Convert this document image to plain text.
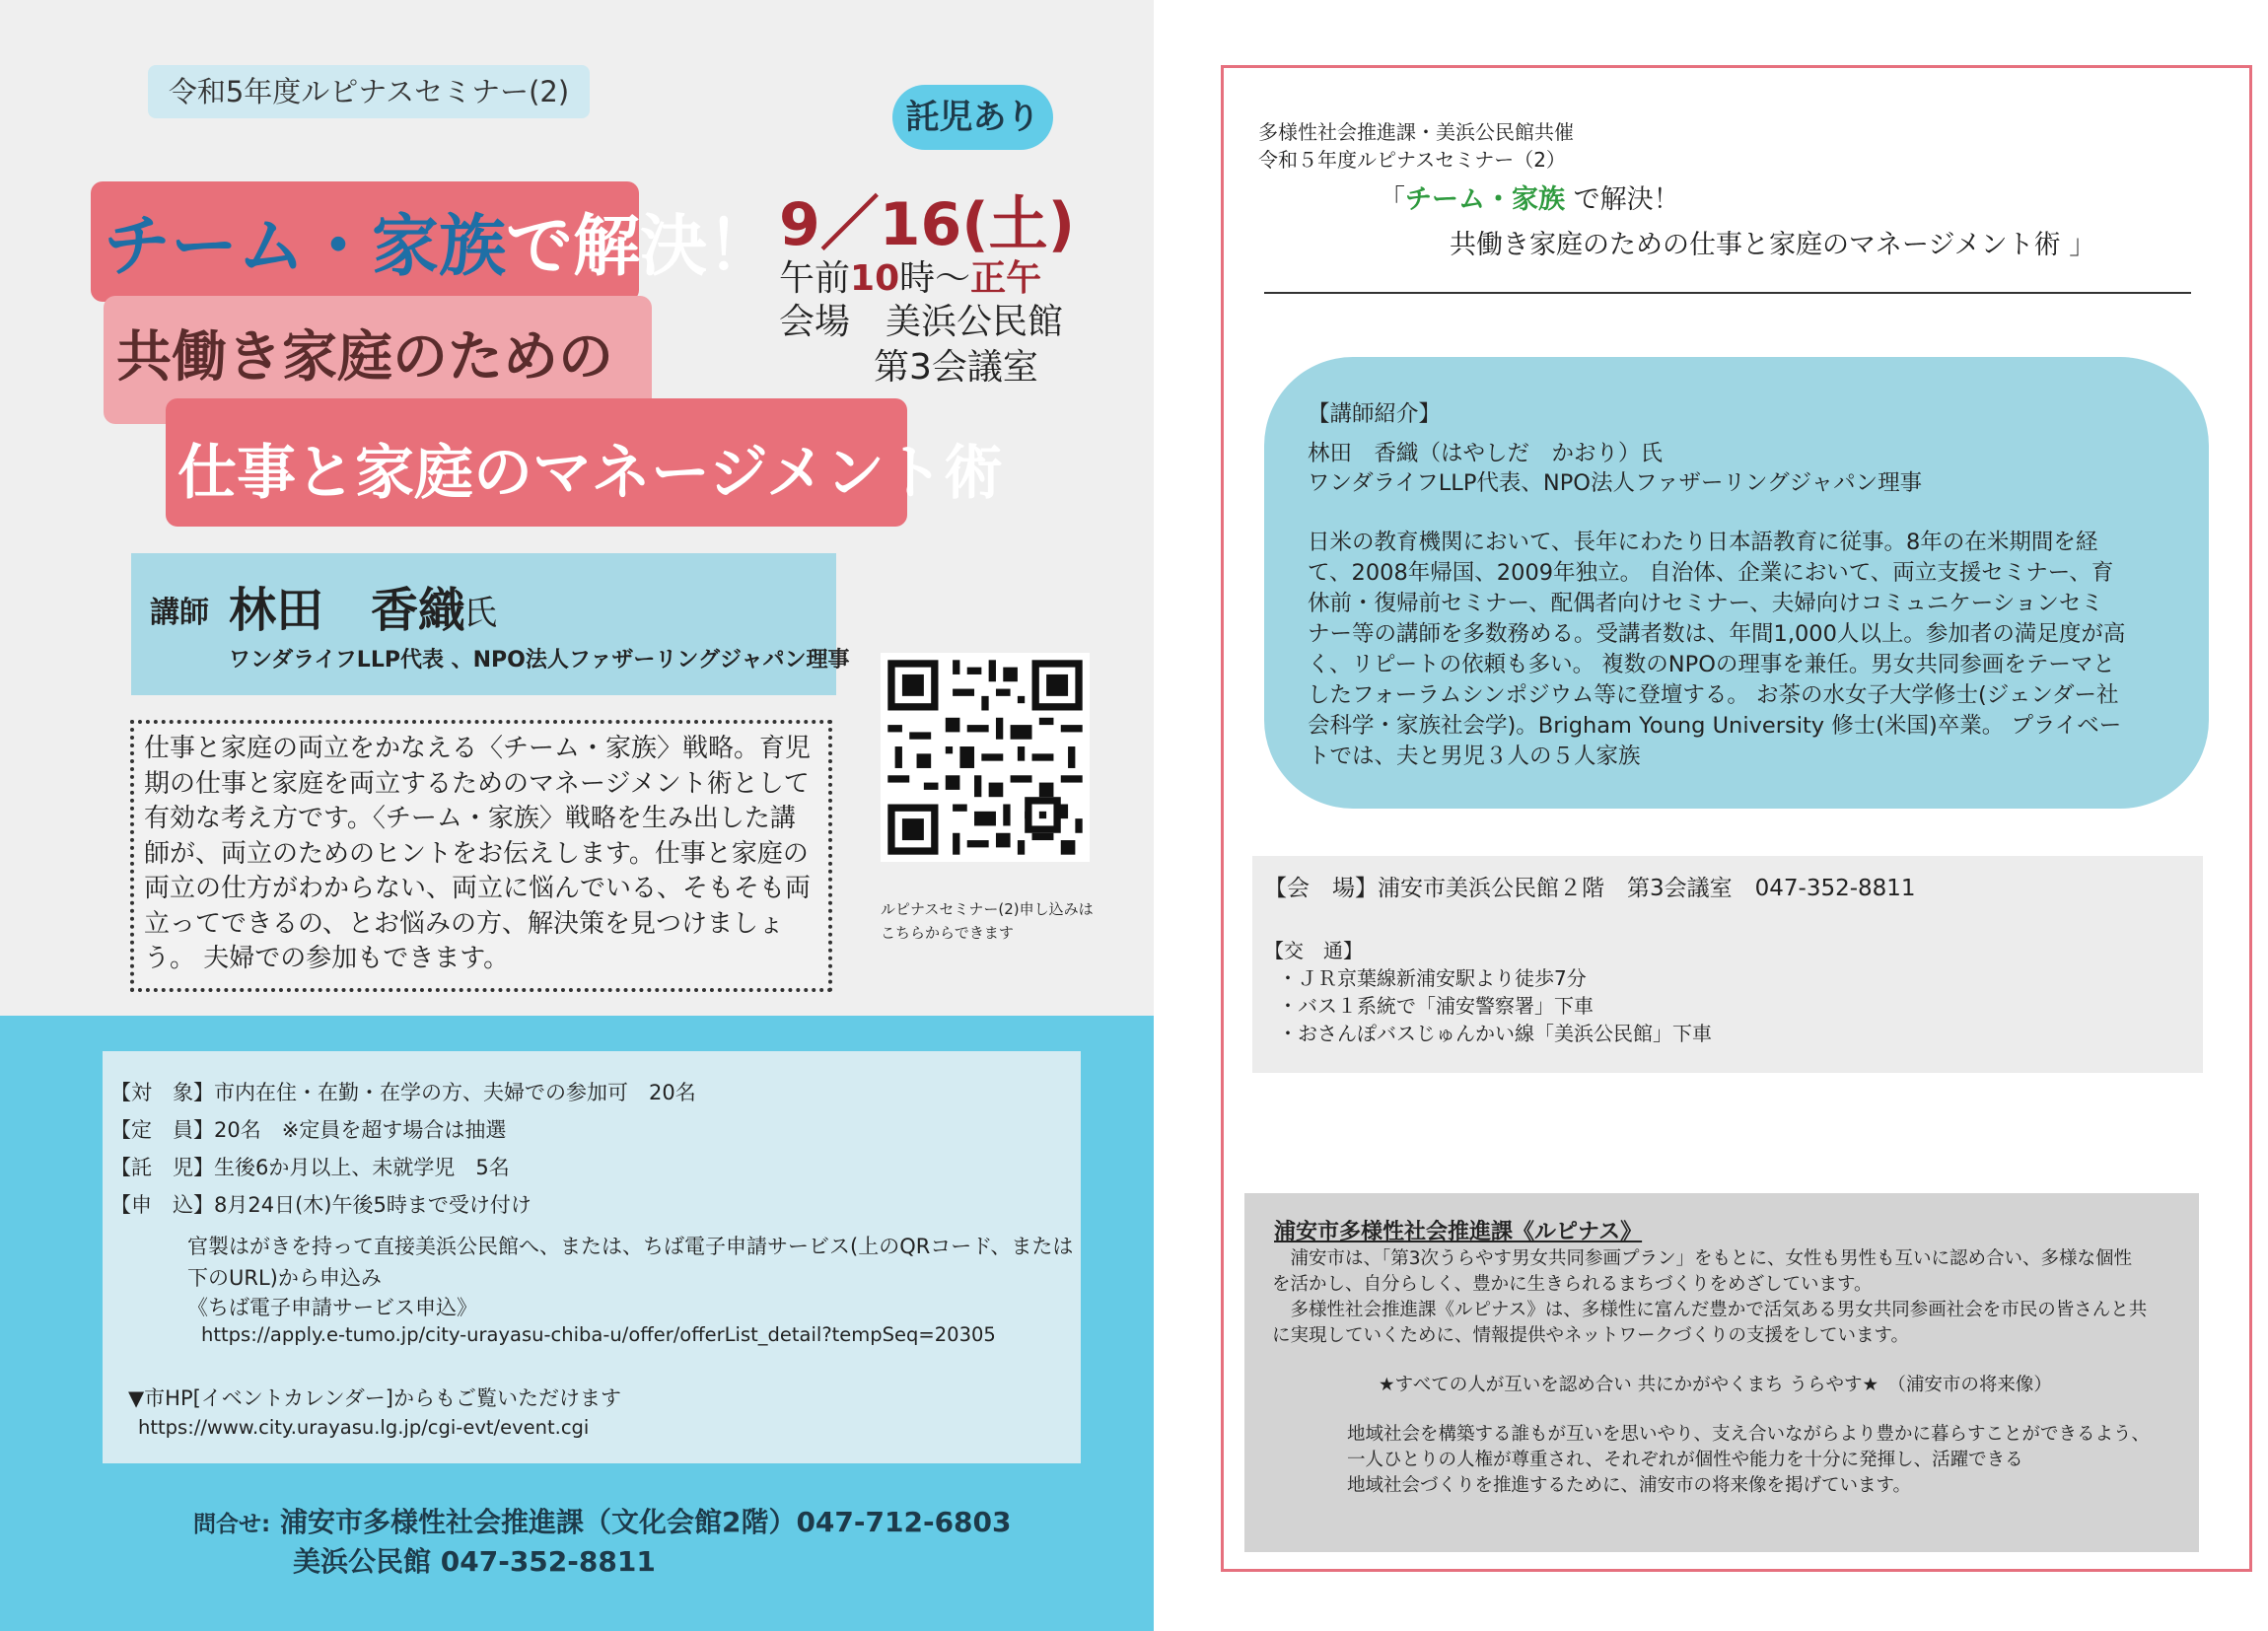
令和5年度ルピナスセミナー(2)
託児あり
チーム・家族で解決！
共働き家庭のための
仕事と家庭のマネージメント術
9／16(土)
午前10時～正午
会場　美浜公民館
第3会議室
講師 林田　香織
氏
ワンダライフLLP代表 、NPO法人ファザーリングジャパン理事
仕事と家庭の両立をかなえる〈チーム・家族〉戦略。育児期の仕事と家庭を両立するためのマネージメント術として有効な考え方です。〈チーム・家族〉戦略を生み出した講師が、両立のためのヒントをお伝えします。仕事と家庭の両立の仕方がわからない、両立に悩んでいる、そもそも両立ってできるの、とお悩みの方、解決策を見つけましょう。 夫婦での参加もできます。
ルピナスセミナー(2)申し込みは
こちらからできます
【対　象】市内在住・在勤・在学の方、夫婦での参加可　20名
【定　員】20名　※定員を超す場合は抽選
【託　児】生後6か月以上、未就学児　5名
【申　込】8月24日(木)午後5時まで受け付け
官製はがきを持って直接美浜公民館へ、または、ちば電子申請サービス(上のQRコード、または
下のURL)から申込み
《ちば電子申請サービス申込》
https://apply.e-tumo.jp/city-urayasu-chiba-u/offer/offerList_detail?tempSeq=20305
▼市HP[イベントカレンダー]からもご覧いただけます
https://www.city.urayasu.lg.jp/cgi-evt/event.cgi
問合せ: 浦安市多様性社会推進課（文化会館2階）047-712-6803
美浜公民館 047-352-8811
多様性社会推進課・美浜公民館共催
令和５年度ルピナスセミナー（2）
「チーム・家族 で解決！
共働き家庭のための仕事と家庭のマネージメント術 」
【講師紹介】
林田　香織（はやしだ　かおり）氏
ワンダライフLLP代表、NPO法人ファザーリングジャパン理事
日米の教育機関において、長年にわたり日本語教育に従事。8年の在米期間を経
て、2008年帰国、2009年独立。 自治体、企業において、両立支援セミナー、育
休前・復帰前セミナー、配偶者向けセミナー、夫婦向けコミュニケーションセミ
ナー等の講師を多数務める。受講者数は、年間1,000人以上。参加者の満足度が高
く、リピートの依頼も多い。 複数のNPOの理事を兼任。男女共同参画をテーマと
したフォーラムシンポジウム等に登壇する。 お茶の水女子大学修士(ジェンダー社
会科学・家族社会学)。Brigham Young University 修士(米国)卒業。 プライベー
トでは、夫と男児３人の５人家族
【会　場】浦安市美浜公民館２階　第3会議室　047-352-8811
【交　通】
・ＪＲ京葉線新浦安駅より徒歩7分
・バス１系統で「浦安警察署」下車
・おさんぽバスじゅんかい線「美浜公民館」下車
浦安市多様性社会推進課《ルピナス》
　浦安市は、「第3次うらやす男女共同参画プラン」をもとに、女性も男性も互いに認め合い、多様な個性
を活かし、自分らしく、豊かに生きられるまちづくりをめざしています。
　多様性社会推進課《ルピナス》は、多様性に富んだ豊かで活気ある男女共同参画社会を市民の皆さんと共
に実現していくために、情報提供やネットワークづくりの支援をしています。
★すべての人が互いを認め合い 共にかがやくまち うらやす★　（浦安市の将来像）
地域社会を構築する誰もが互いを思いやり、支え合いながらより豊かに暮らすことができるよう、
一人ひとりの人権が尊重され、それぞれが個性や能力を十分に発揮し、活躍できる
地域社会づくりを推進するために、浦安市の将来像を掲げています。
